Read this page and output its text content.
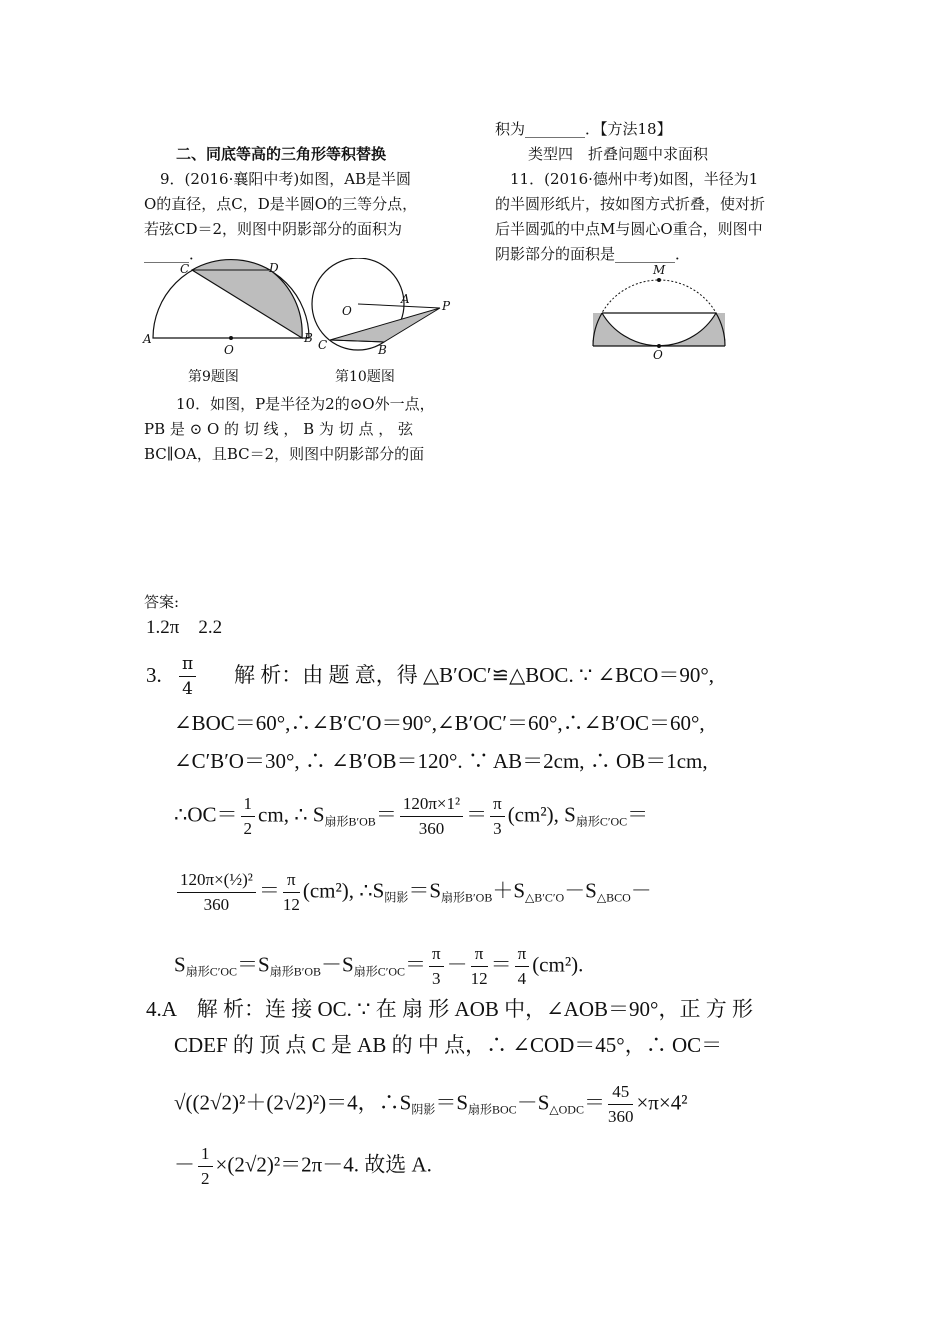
积为________．【方法18】
类型四　折叠问题中求面积
11．(2016·德州中考)如图，半径为1
的半圆形纸片，按如图方式折叠，使对折
后半圆弧的中点M与圆心O重合，则图中
阴影部分的面积是________．
二、同底等高的三角形等积替换
9．(2016·襄阳中考)如图，AB是半圆
O的直径，点C，D是半圆O的三等分点，
若弦CD＝2，则图中阴影部分的面积为
______．
A	B
C	D
O
O
A	P
C	B
M
O
第9题图	第10题图
10．如图，P是半径为2的⊙O外一点，
PB 是 ⊙ O 的 切 线 ， B 为 切 点 ， 弦
BC∥OA，且BC＝2，则图中阴影部分的面
答案:
1.2π　2.2
3. $\frac{\pi}{4}$ 解 析：由 题 意，得 △B′OC′≌△BOC. ∵ ∠BCO＝90°,
∠BOC＝60°,∴∠B′C′O＝90°,∠B′OC′＝60°,∴∠B′OC＝60°,
∠C′B′O＝30°, ∴ ∠B′OB＝120°. ∵ AB＝2cm, ∴ OB＝1cm,
∴OC＝ $\frac{1}{2}$ cm, ∴ $S_{扇形B'OB}= \frac{\text{120π×1²}}{360} = \frac{\pi}{3} (cm^2)$, $S_{扇形C'OC}=$
$\frac{\text{120π×(½)²}}{360} = \frac{\pi}{12} (cm^2)$, $\therefore S_{阴影}=S_{扇形B'OB}+S_{\triangle B'C'O}-S_{\triangle BCO}-$
$S_{扇形C'OC}=S_{扇形B'OB}-S_{扇形C'OC}= \frac{\pi}{3} - \frac{\pi}{12} = \frac{\pi}{4} (cm^2)$.
4.A　解 析：连 接 OC. ∵ 在 扇 形 AOB 中，∠AOB＝90°，正 方 形
CDEF 的 顶 点 C 是 AB 的 中 点，∴ ∠COD＝45°，∴ OC＝
√((2√2)²＋(2√2)²)＝4，$\therefore S_{阴影}=S_{扇形BOC}-S_{\triangle ODC}= \frac{45}{360} \times\pi\times 4^2$
－ $\frac{1}{2} \times(2√2)^2=2\pi-4$. 故选 A.
